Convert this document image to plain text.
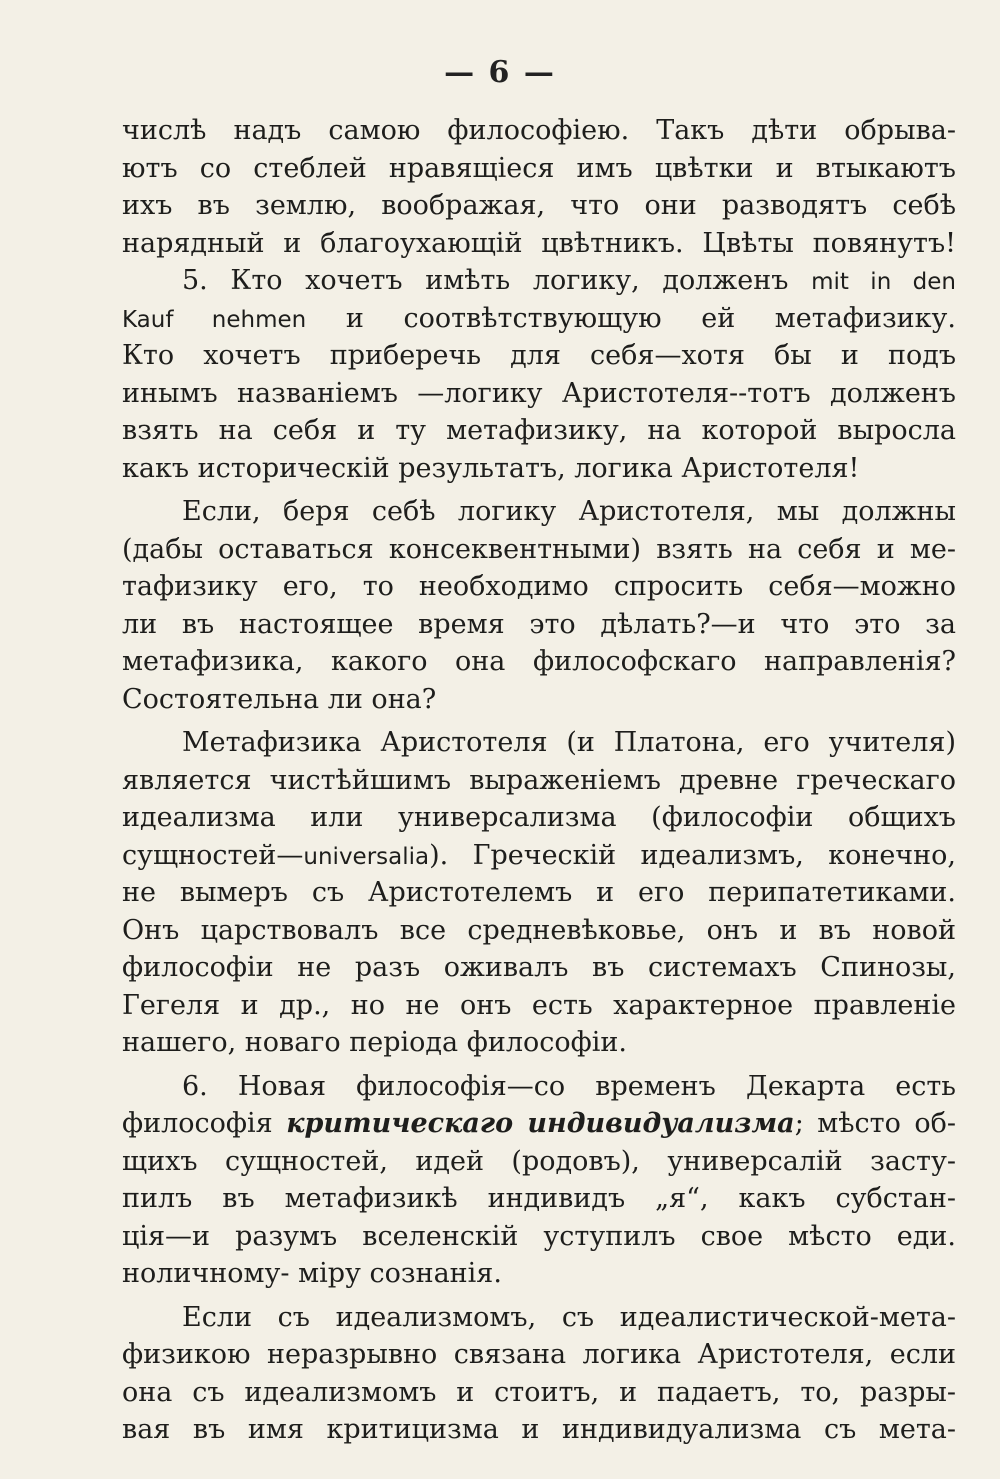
— 6 —
числѣ надъ самою философiею. Такъ дѣти обрыва-
ютъ со стеблей нравящiеся имъ цвѣтки и втыкаютъ
ихъ въ землю, воображая, что они разводятъ себѣ
нарядный и благоухающiй цвѣтникъ. Цвѣты повянутъ!
5. Кто хочетъ имѣть логику, долженъ mit in den
Kauf nehmen и соотвѣтствующую ей метафизику.
Кто хочетъ приберечь для себя—хотя бы и подъ
инымъ названiемъ —логику Аристотеля--тотъ долженъ
взять на себя и ту метафизику, на которой выросла
какъ историческiй результатъ, логика Аристотеля!
Если, беря себѣ логику Аристотеля, мы должны
(дабы оставаться консеквентными) взять на себя и ме-
тафизику его, то необходимо спросить себя—можно
ли въ настоящее время это дѣлать?—и что это за
метафизика, какого она философскаго направленiя?
Состоятельна ли она?
Метафизика Аристотеля (и Платона, его учителя)
является чистѣйшимъ выраженiемъ древне греческаго
идеализма или универсализма (философiи общихъ
сущностей—universalia). Греческiй идеализмъ, конечно,
не вымеръ съ Аристотелемъ и его перипатетиками.
Онъ царствовалъ все средневѣковье, онъ и въ новой
философiи не разъ оживалъ въ системахъ Спинозы,
Гегеля и др., но не онъ есть характерное правленiе
нашего, новаго перiода философiи.
6. Новая философiя—со временъ Декарта есть
философiя критическаго индивидуализма; мѣсто об-
щихъ сущностей, идей (родовъ), универсалiй засту-
пилъ въ метафизикѣ индивидъ „я“, какъ субстан-
цiя—и разумъ вселенскiй уступилъ свое мѣсто еди.
ноличному- мiру сознанiя.
Если съ идеализмомъ, съ идеалистической-мета-
физикою неразрывно связана логика Аристотеля, если
она съ идеализмомъ и стоитъ, и падаетъ, то, разры-
вая въ имя критицизма и индивидуализма съ мета-
